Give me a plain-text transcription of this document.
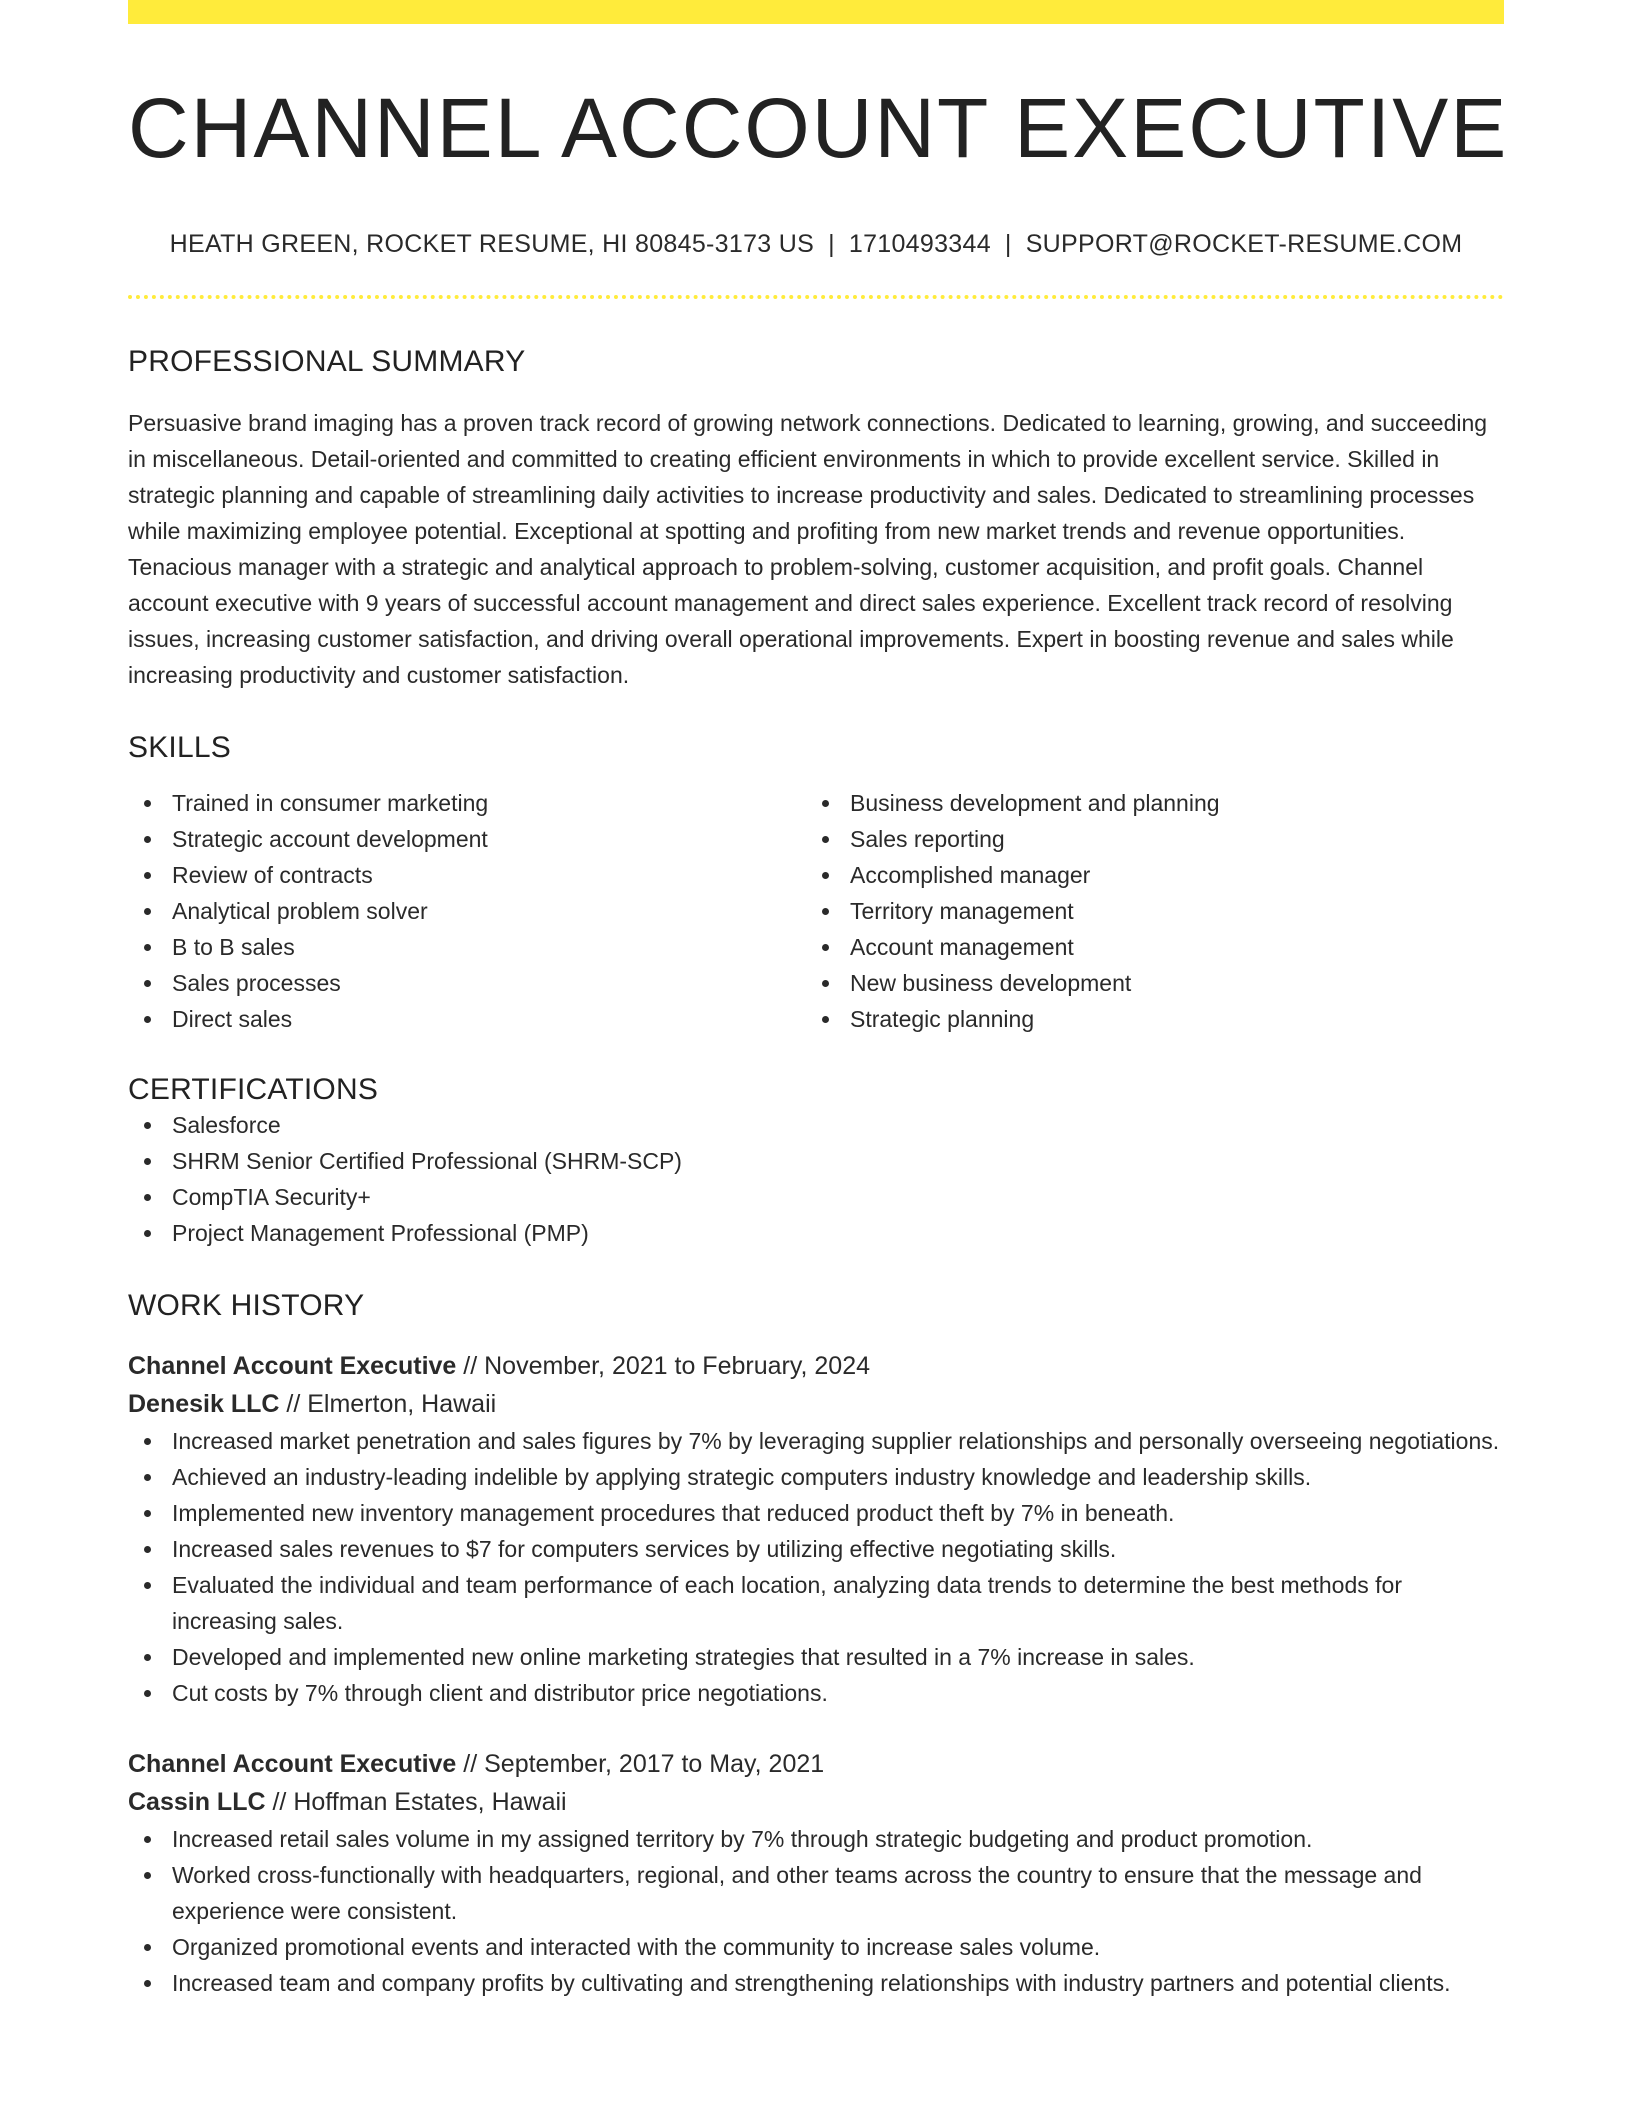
CHANNEL ACCOUNT EXECUTIVE
HEATH GREEN, ROCKET RESUME, HI 80845-3173 US | 1710493344 | SUPPORT@ROCKET-RESUME.COM
PROFESSIONAL SUMMARY
Persuasive brand imaging has a proven track record of growing network connections. Dedicated to learning, growing, and succeeding in miscellaneous. Detail-oriented and committed to creating efficient environments in which to provide excellent service. Skilled in strategic planning and capable of streamlining daily activities to increase productivity and sales. Dedicated to streamlining processes while maximizing employee potential. Exceptional at spotting and profiting from new market trends and revenue opportunities. Tenacious manager with a strategic and analytical approach to problem-solving, customer acquisition, and profit goals. Channel account executive with 9 years of successful account management and direct sales experience. Excellent track record of resolving issues, increasing customer satisfaction, and driving overall operational improvements. Expert in boosting revenue and sales while increasing productivity and customer satisfaction.
SKILLS
Trained in consumer marketing
Strategic account development
Review of contracts
Analytical problem solver
B to B sales
Sales processes
Direct sales
Business development and planning
Sales reporting
Accomplished manager
Territory management
Account management
New business development
Strategic planning
CERTIFICATIONS
Salesforce
SHRM Senior Certified Professional (SHRM-SCP)
CompTIA Security+
Project Management Professional (PMP)
WORK HISTORY
Channel Account Executive // November, 2021 to February, 2024
Denesik LLC // Elmerton, Hawaii
Increased market penetration and sales figures by 7% by leveraging supplier relationships and personally overseeing negotiations.
Achieved an industry-leading indelible by applying strategic computers industry knowledge and leadership skills.
Implemented new inventory management procedures that reduced product theft by 7% in beneath.
Increased sales revenues to $7 for computers services by utilizing effective negotiating skills.
Evaluated the individual and team performance of each location, analyzing data trends to determine the best methods for increasing sales.
Developed and implemented new online marketing strategies that resulted in a 7% increase in sales.
Cut costs by 7% through client and distributor price negotiations.
Channel Account Executive // September, 2017 to May, 2021
Cassin LLC // Hoffman Estates, Hawaii
Increased retail sales volume in my assigned territory by 7% through strategic budgeting and product promotion.
Worked cross-functionally with headquarters, regional, and other teams across the country to ensure that the message and experience were consistent.
Organized promotional events and interacted with the community to increase sales volume.
Increased team and company profits by cultivating and strengthening relationships with industry partners and potential clients.
